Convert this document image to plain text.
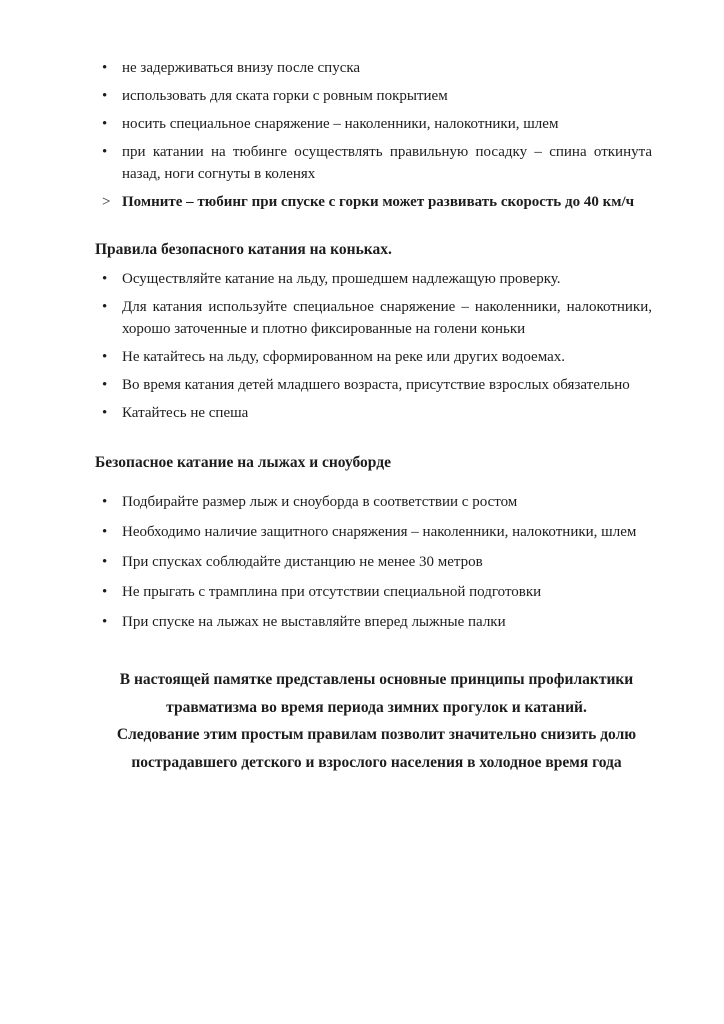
• не задерживаться внизу после спуска
• использовать для ската горки с ровным покрытием
• носить специальное снаряжение – наколенники, налокотники, шлем
• при катании на тюбинге осуществлять правильную посадку – спина откинута назад, ноги согнуты в коленях
> Помните – тюбинг при спуске с горки может развивать скорость до 40 км/ч
Правила безопасного катания на коньках.
• Осуществляйте катание на льду, прошедшем надлежащую проверку.
• Для катания используйте специальное снаряжение – наколенники, налокотники, хорошо заточенные и плотно фиксированные на голени коньки
• Не катайтесь на льду, сформированном на реке или других водоемах.
• Во время катания детей младшего возраста, присутствие взрослых обязательно
• Катайтесь не спеша
Безопасное катание на лыжах и сноуборде
• Подбирайте размер лыж и сноуборда в соответствии с ростом
• Необходимо наличие защитного снаряжения – наколенники, налокотники, шлем
• При спусках соблюдайте дистанцию не менее 30 метров
• Не прыгать с трамплина при отсутствии специальной подготовки
• При спуске на лыжах не выставляйте вперед лыжные палки

В настоящей памятке представлены основные принципы профилактики травматизма во время периода зимних прогулок и катаний.

Следование этим простым правилам позволит значительно снизить долю пострадавшего детского и взрослого населения в холодное время года
